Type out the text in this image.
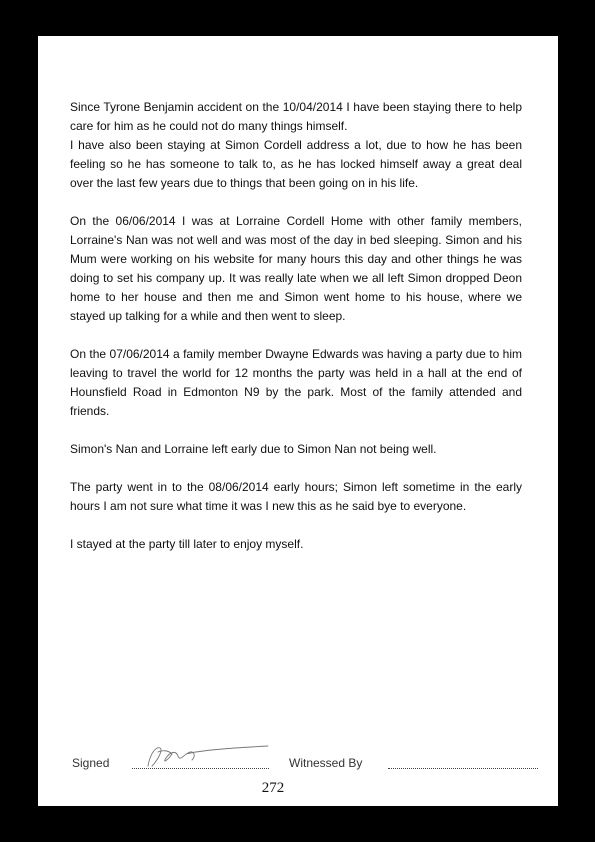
Since Tyrone Benjamin accident on the 10/04/2014 I have been staying there to help care for him as he could not do many things himself.

I have also been staying at Simon Cordell address a lot, due to how he has been feeling so he has someone to talk to, as he has locked himself away a great deal over the last few years due to things that been going on in his life.

On the 06/06/2014 I was at Lorraine Cordell Home with other family members, Lorraine's Nan was not well and was most of the day in bed sleeping. Simon and his Mum were working on his website for many hours this day and other things he was doing to set his company up. It was really late when we all left Simon dropped Deon home to her house and then me and Simon went home to his house, where we stayed up talking for a while and then went to sleep.

On the 07/06/2014 a family member Dwayne Edwards was having a party due to him leaving to travel the world for 12 months the party was held in a hall at the end of Hounsfield Road in Edmonton N9 by the park. Most of the family attended and friends.

Simon's Nan and Lorraine left early due to Simon Nan not being well.

The party went in to the 08/06/2014 early hours; Simon left sometime in the early hours I am not sure what time it was I new this as he said bye to everyone.

I stayed at the party till later to enjoy myself.

Signed	Witnessed By
272
